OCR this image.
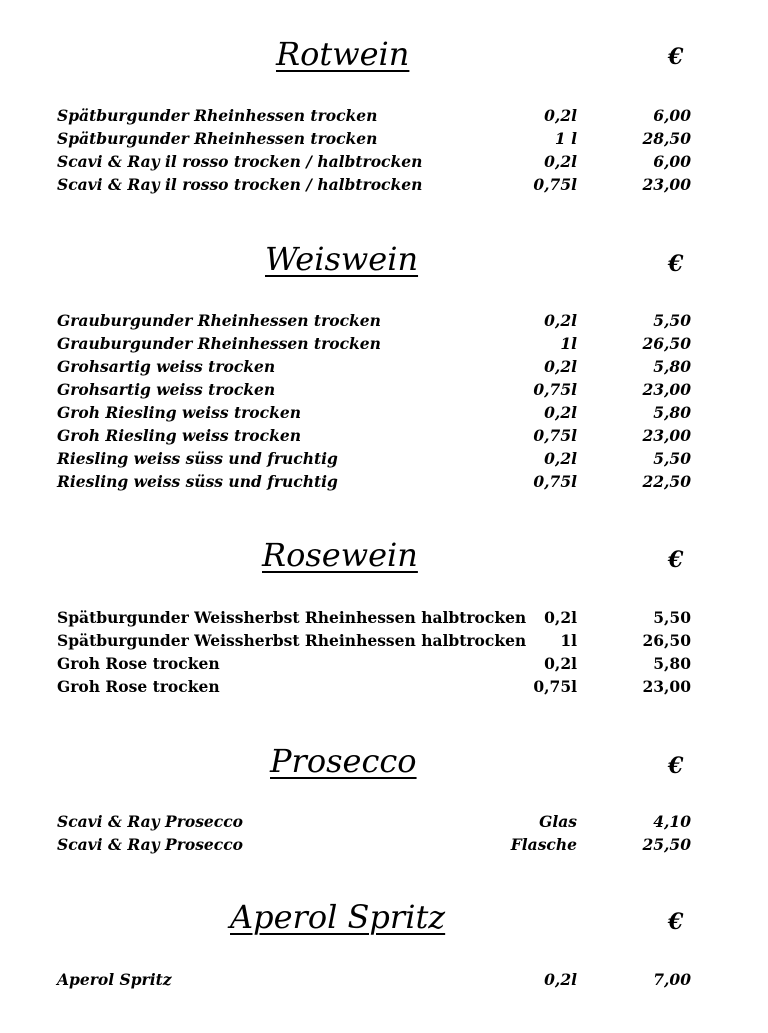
Rotwein	€
Spätburgunder Rheinhessen trocken	0,2l	6,00
Spätburgunder Rheinhessen trocken	1 l	28,50
Scavi & Ray il rosso trocken / halbtrocken	0,2l	6,00
Scavi & Ray il rosso trocken / halbtrocken	0,75l	23,00
Weiswein	€
Grauburgunder Rheinhessen trocken	0,2l	5,50
Grauburgunder Rheinhessen trocken	1l	26,50
Grohsartig weiss trocken	0,2l	5,80
Grohsartig weiss trocken	0,75l	23,00
Groh Riesling weiss trocken	0,2l	5,80
Groh Riesling weiss trocken	0,75l	23,00
Riesling weiss süss und fruchtig	0,2l	5,50
Riesling weiss süss und fruchtig	0,75l	22,50
Rosewein	€
Spätburgunder Weissherbst Rheinhessen halbtrocken	0,2l	5,50
Spätburgunder Weissherbst Rheinhessen halbtrocken	1l	26,50
Groh Rose trocken	0,2l	5,80
Groh Rose trocken	0,75l	23,00
Prosecco	€
Scavi & Ray Prosecco	Glas	4,10
Scavi & Ray Prosecco	Flasche	25,50
Aperol Spritz	€
Aperol Spritz	0,2l	7,00
